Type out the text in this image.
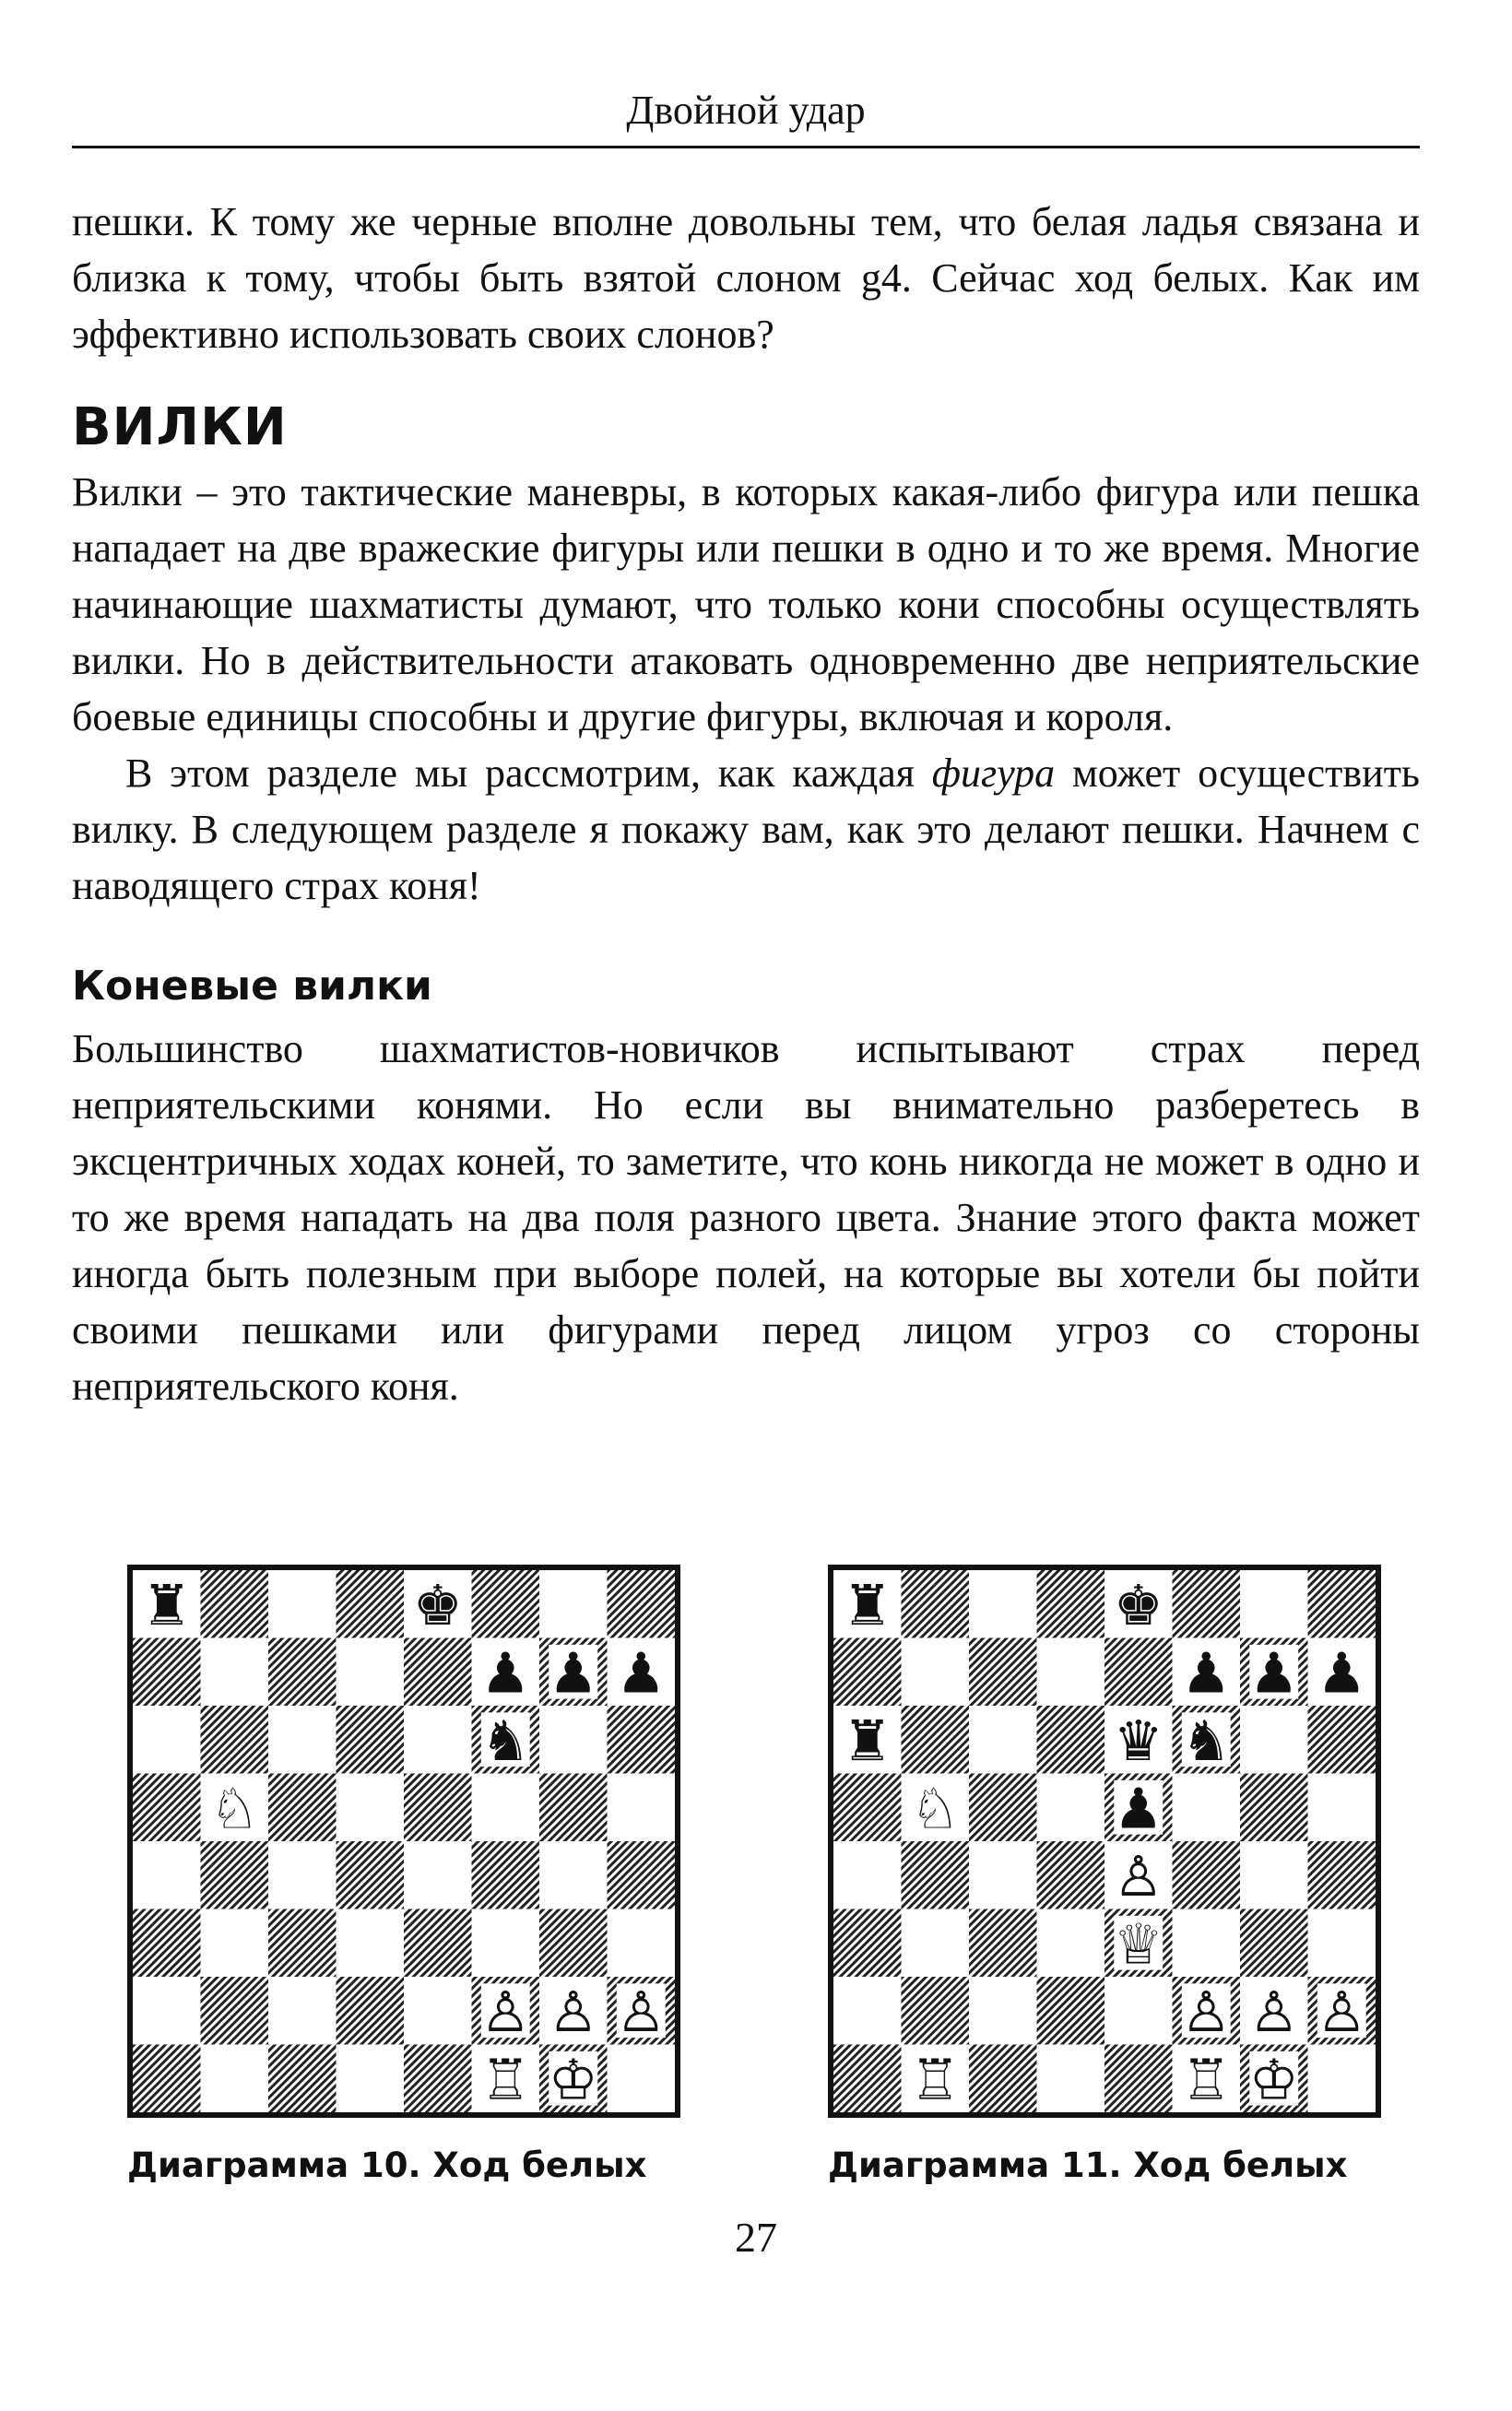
Двойной удар

пешки. К тому же черные вполне довольны тем, что белая ладья связана и близка к тому, чтобы быть взятой слоном g4. Сейчас ход белых. Как им эффективно использовать своих слонов?

ВИЛКИ

Вилки – это тактические маневры, в которых какая-либо фигура или пешка нападает на две вражеские фигуры или пешки в одно и то же время. Многие начинающие шахматисты думают, что только кони способны осуществлять вилки. Но в действительности атаковать одновременно две неприятельские боевые единицы способны и другие фигуры, включая и короля.

В этом разделе мы рассмотрим, как каждая фигура может осуществить вилку. В следующем разделе я покажу вам, как это делают пешки. Начнем с наводящего страх коня!

Коневые вилки

Большинство шахматистов-новичков испытывают страх перед неприятельскими конями. Но если вы внимательно разберетесь в эксцентричных ходах коней, то заметите, что конь никогда не может в одно и то же время нападать на два поля разного цвета. Знание этого факта может иногда быть полезным при выборе полей, на которые вы хотели бы пойти своими пешками или фигурами перед лицом угроз со стороны неприятельского коня.

♜	♚
♟ ♟ ♟
♞
♘
♙ ♙ ♙
♖ ♔
Диаграмма 10. Ход белых
♜	♚
♟ ♟ ♟
♜	♛ ♞
♘	♟
♙
♕
♙ ♙ ♙
♖	♖ ♔
Диаграмма 11. Ход белых
27
